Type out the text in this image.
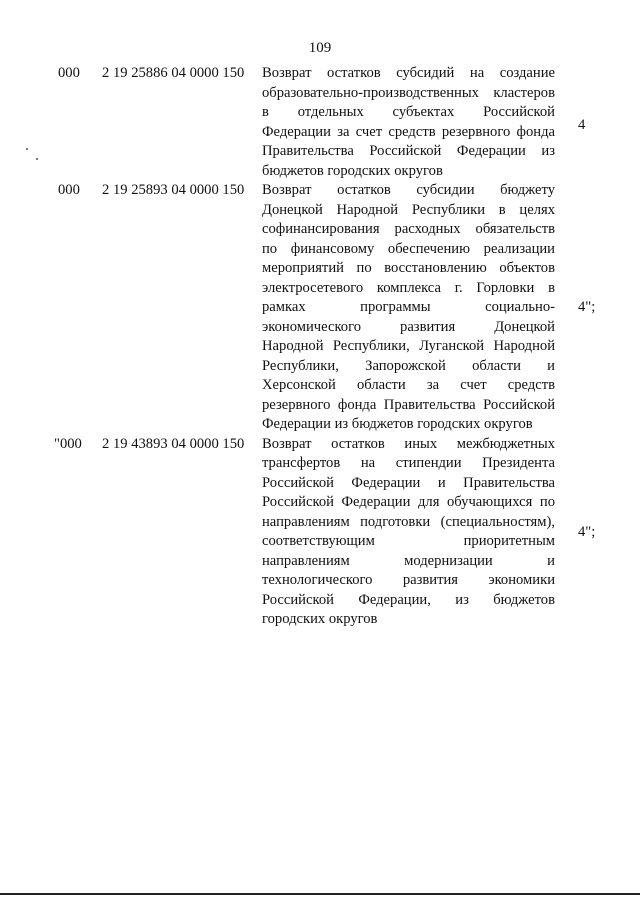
109
000 2 19 25886 04 0000 150 Возврат остатков субсидий на создание
образовательно-производственных кластеров
в отдельных субъектах Российской
Федерации за счет средств резервного фонда
Правительства Российской Федерации из
бюджетов городских округов
4
000 2 19 25893 04 0000 150 Возврат остатков субсидии бюджету
Донецкой Народной Республики в целях
софинансирования расходных обязательств
по финансовому обеспечению реализации
мероприятий по восстановлению объектов
электросетевого комплекса г. Горловки в
рамках программы социально-
экономического развития Донецкой
Народной Республики, Луганской Народной
Республики, Запорожской области и
Херсонской области за счет средств
резервного фонда Правительства Российской
Федерации из бюджетов городских округов
4";
"000 2 19 43893 04 0000 150 Возврат остатков иных межбюджетных
трансфертов на стипендии Президента
Российской Федерации и Правительства
Российской Федерации для обучающихся по
направлениям подготовки (специальностям),
соответствующим приоритетным
направлениям модернизации и
технологического развития экономики
Российской Федерации, из бюджетов
городских округов
4";
